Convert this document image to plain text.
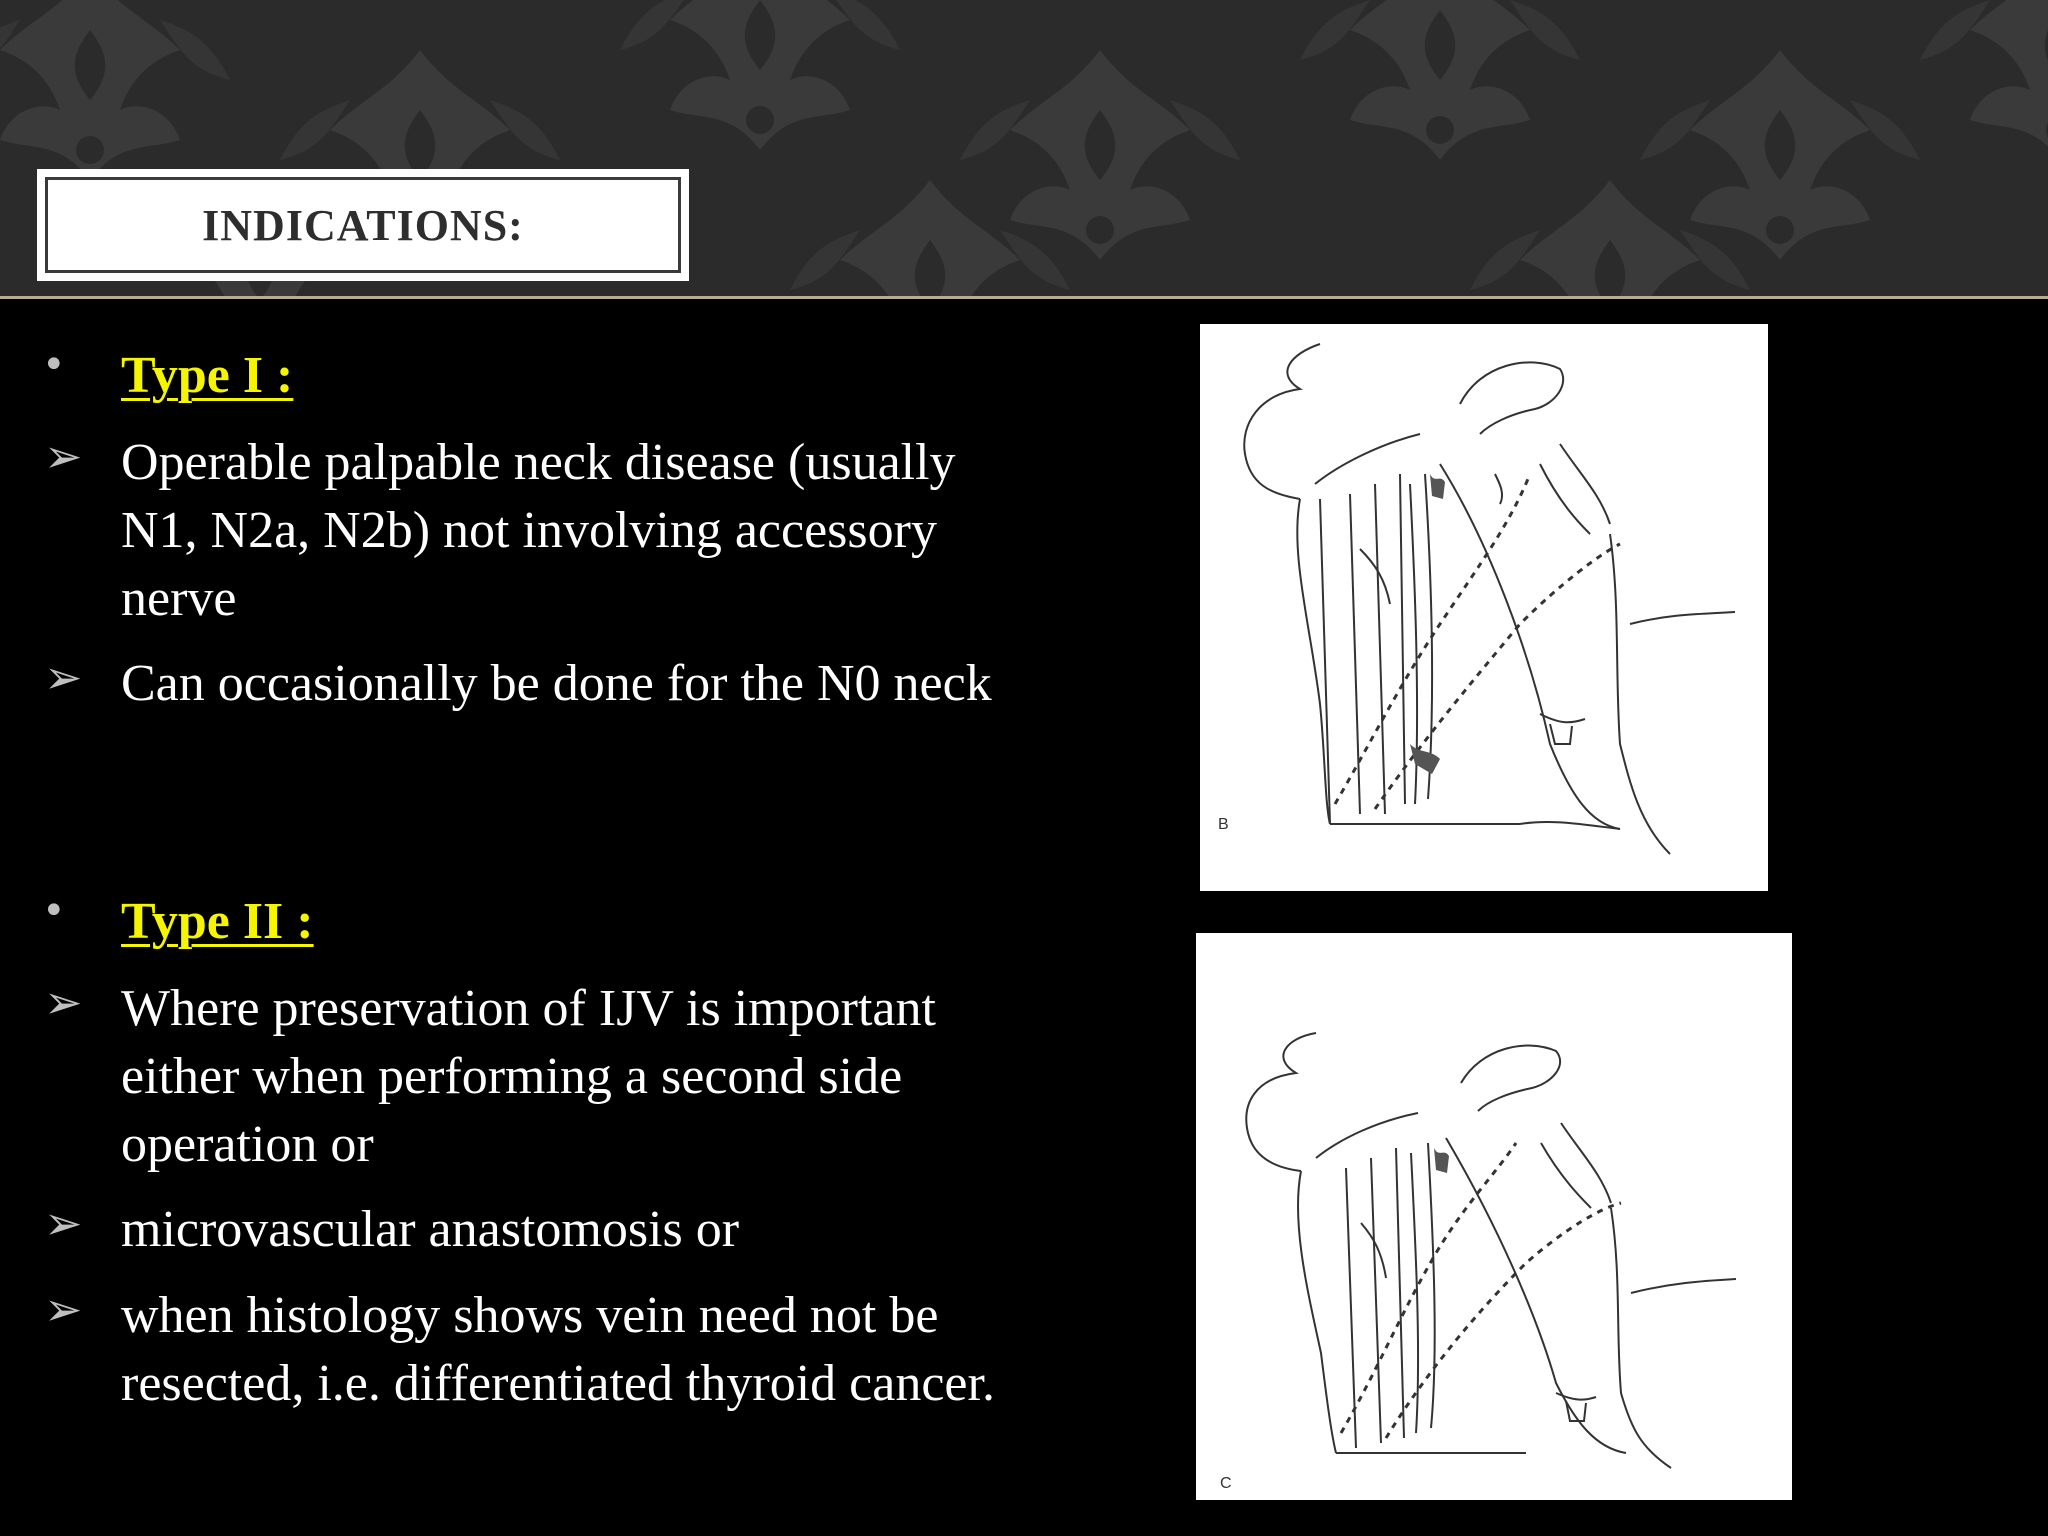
INDICATIONS:
• Type I :
➢ Operable palpable neck disease (usually N1, N2a, N2b) not involving accessory nerve
➢ Can occasionally be done for the N0 neck
• Type II :
➢ Where preservation of IJV is important either when performing a second side operation or
➢ microvascular anastomosis or
➢ when histology shows vein need not be resected, i.e. differentiated thyroid cancer.
B
C
